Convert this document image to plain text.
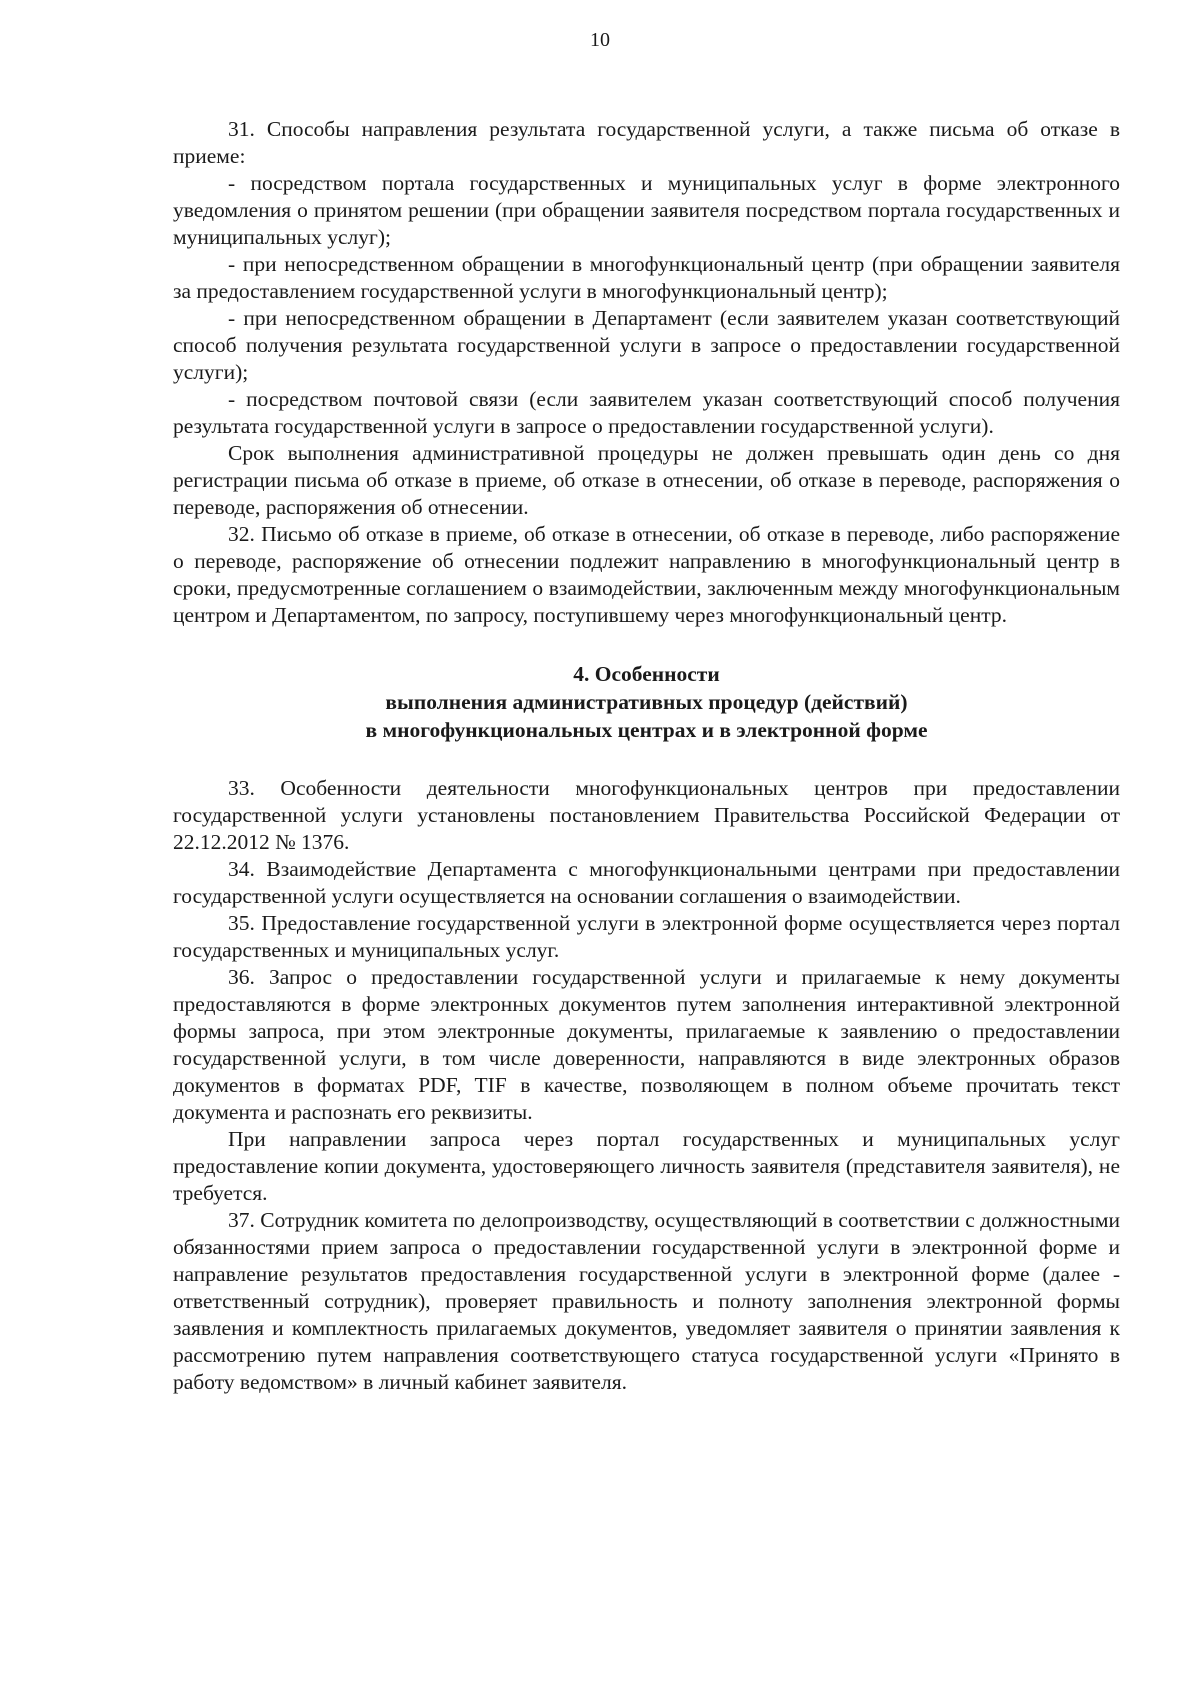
10

31. Способы направления результата государственной услуги, а также письма об отказе в приеме:

- посредством портала государственных и муниципальных услуг в форме электронного уведомления о принятом решении (при обращении заявителя посредством портала государственных и муниципальных услуг);

- при непосредственном обращении в многофункциональный центр (при обращении заявителя за предоставлением государственной услуги в многофункциональный центр);

- при непосредственном обращении в Департамент (если заявителем указан соответствующий способ получения результата государственной услуги в запросе о предоставлении государственной услуги);

- посредством почтовой связи (если заявителем указан соответствующий способ получения результата государственной услуги в запросе о предоставлении государственной услуги).

Срок выполнения административной процедуры не должен превышать один день со дня регистрации письма об отказе в приеме, об отказе в отнесении, об отказе в переводе, распоряжения о переводе, распоряжения об отнесении.

32. Письмо об отказе в приеме, об отказе в отнесении, об отказе в переводе, либо распоряжение о переводе, распоряжение об отнесении подлежит направлению в многофункциональный центр в сроки, предусмотренные соглашением о взаимодействии, заключенным между многофункциональным центром и Департаментом, по запросу, поступившему через многофункциональный центр.

4. Особенности
выполнения административных процедур (действий)
в многофункциональных центрах и в электронной форме

33. Особенности деятельности многофункциональных центров при предоставлении государственной услуги установлены постановлением Правительства Российской Федерации от 22.12.2012 № 1376.

34. Взаимодействие Департамента с многофункциональными центрами при предоставлении государственной услуги осуществляется на основании соглашения о взаимодействии.

35. Предоставление государственной услуги в электронной форме осуществляется через портал государственных и муниципальных услуг.

36. Запрос о предоставлении государственной услуги и прилагаемые к нему документы предоставляются в форме электронных документов путем заполнения интерактивной электронной формы запроса, при этом электронные документы, прилагаемые к заявлению о предоставлении государственной услуги, в том числе доверенности, направляются в виде электронных образов документов в форматах PDF, TIF в качестве, позволяющем в полном объеме прочитать текст документа и распознать его реквизиты.

При направлении запроса через портал государственных и муниципальных услуг предоставление копии документа, удостоверяющего личность заявителя (представителя заявителя), не требуется.

37. Сотрудник комитета по делопроизводству, осуществляющий в соответствии с должностными обязанностями прием запроса о предоставлении государственной услуги в электронной форме и направление результатов предоставления государственной услуги в электронной форме (далее - ответственный сотрудник), проверяет правильность и полноту заполнения электронной формы заявления и комплектность прилагаемых документов, уведомляет заявителя о принятии заявления к рассмотрению путем направления соответствующего статуса государственной услуги «Принято в работу ведомством» в личный кабинет заявителя.
